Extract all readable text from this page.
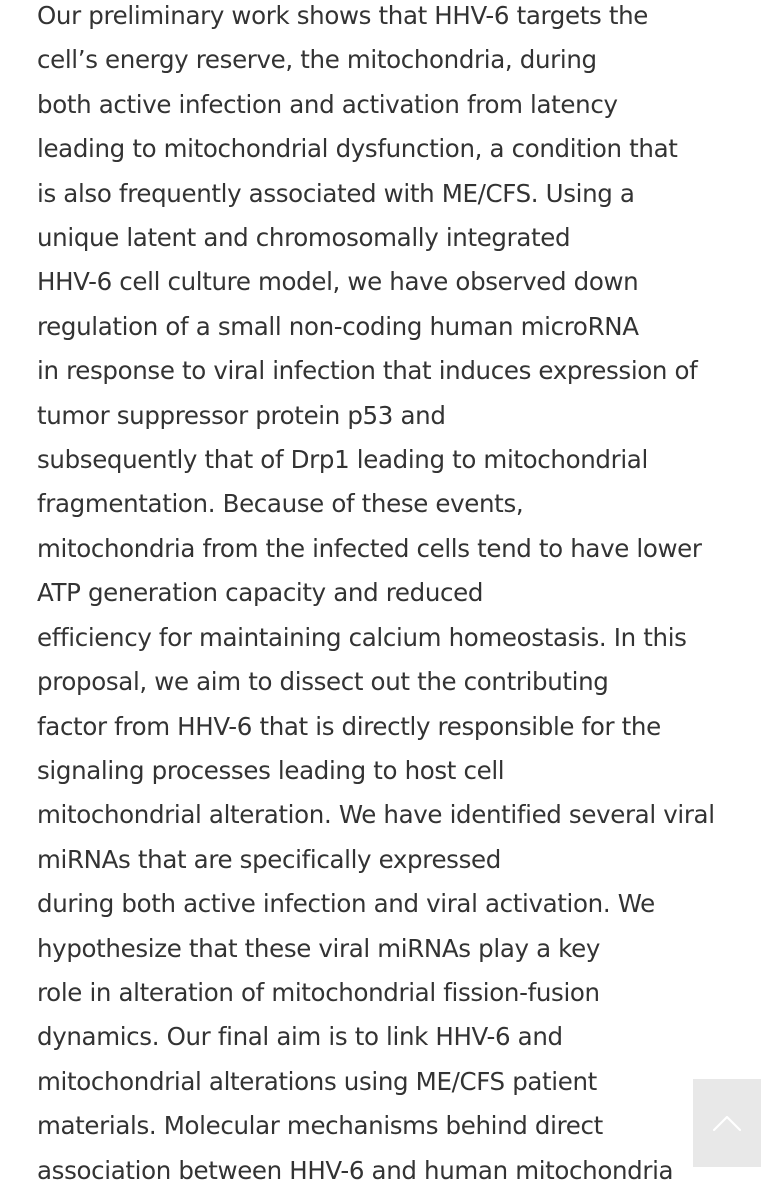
Our preliminary work shows that HHV-6 targets the
cell’s energy reserve, the mitochondria, during
both active infection and activation from latency
leading to mitochondrial dysfunction, a condition that
is also frequently associated with ME/CFS. Using a
unique latent and chromosomally integrated
HHV-6 cell culture model, we have observed down
regulation of a small non-coding human microRNA
in response to viral infection that induces expression of
tumor suppressor protein p53 and
subsequently that of Drp1 leading to mitochondrial
fragmentation. Because of these events,
mitochondria from the infected cells tend to have lower
ATP generation capacity and reduced
efficiency for maintaining calcium homeostasis. In this
proposal, we aim to dissect out the contributing
factor from HHV-6 that is directly responsible for the
signaling processes leading to host cell
mitochondrial alteration. We have identified several viral
miRNAs that are specifically expressed
during both active infection and viral activation. We
hypothesize that these viral miRNAs play a key
role in alteration of mitochondrial fission-fusion
dynamics. Our final aim is to link HHV-6 and
mitochondrial alterations using ME/CFS patient
materials. Molecular mechanisms behind direct
association between HHV-6 and human mitochondria
